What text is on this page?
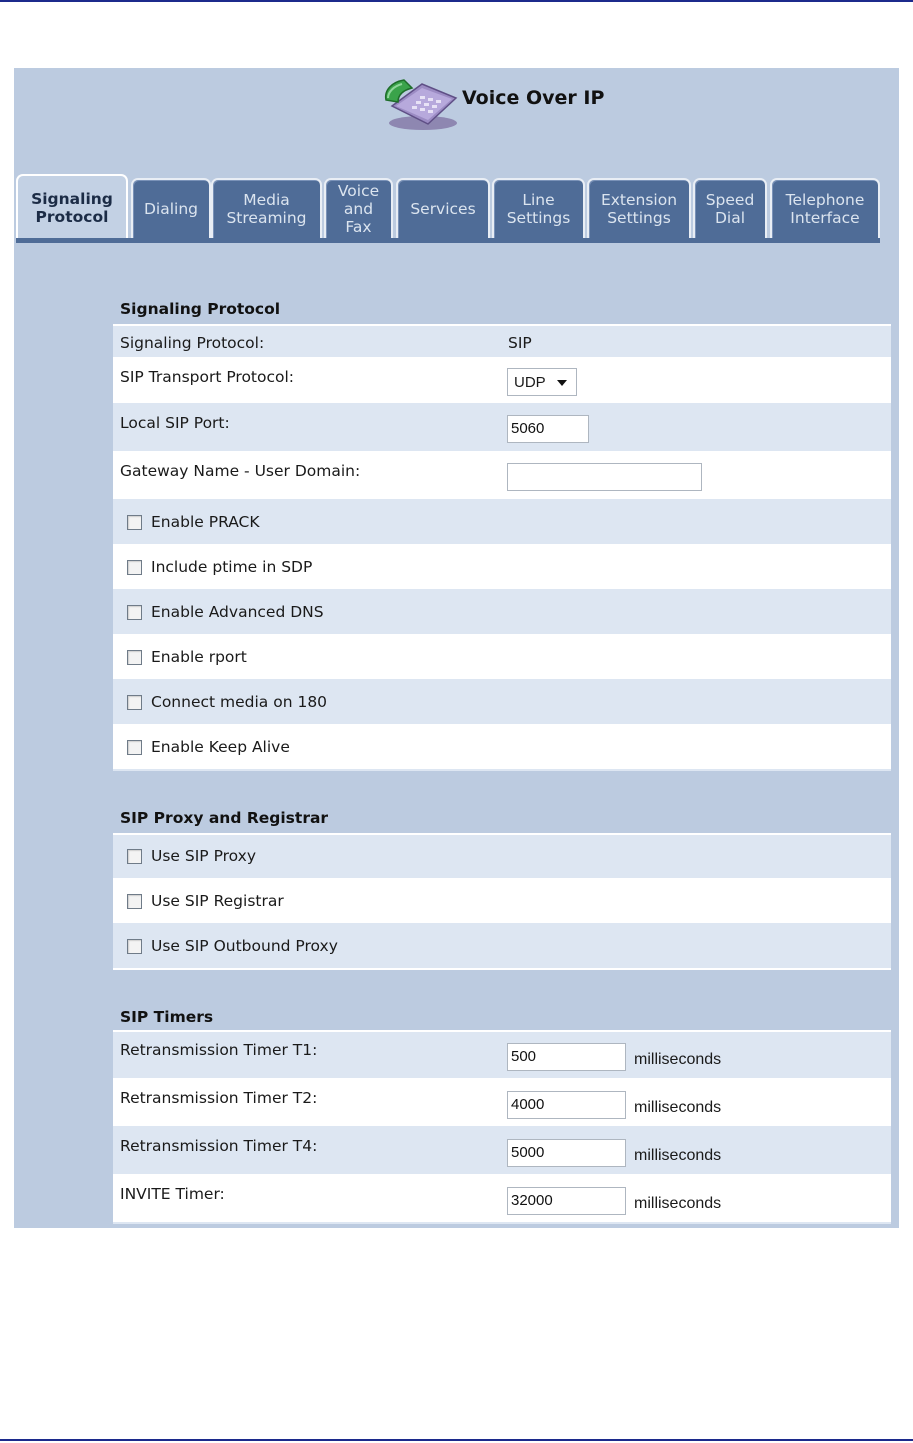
Voice Over IP
Signaling
Protocol Dialing	Media
Streaming
Voice
and
Fax
Services	Line
Settings
Extension
Settings
Speed
Dial
Telephone
Interface
Signaling Protocol
Signaling Protocol:	SIP
SIP Transport Protocol:	UDP
Local SIP Port:	5060
Gateway Name - User Domain:
Enable PRACK
Include ptime in SDP
Enable Advanced DNS
Enable rport
Connect media on 180
Enable Keep Alive
SIP Proxy and Registrar
Use SIP Proxy
Use SIP Registrar
Use SIP Outbound Proxy
SIP Timers
Retransmission Timer T1:	500	milliseconds
Retransmission Timer T2:	4000	milliseconds
Retransmission Timer T4:	5000	milliseconds
INVITE Timer:	32000	milliseconds
